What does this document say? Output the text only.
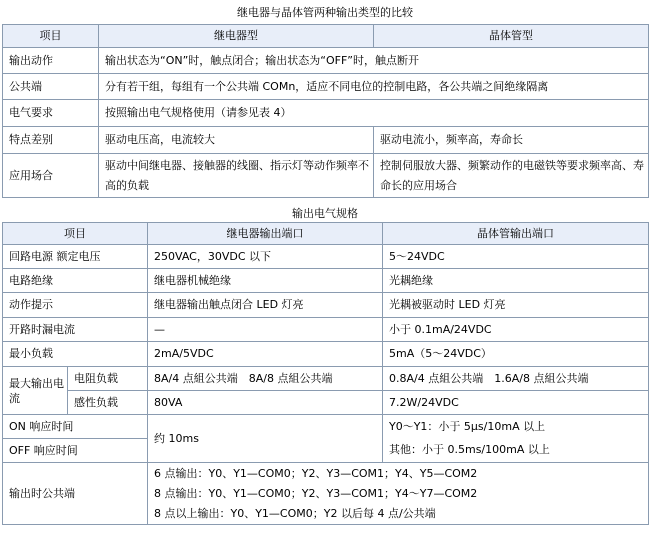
继电器与晶体管两种输出类型的比较
项目	继电器型	晶体管型
输出动作	输出状态为“ON”时，触点闭合；输出状态为“OFF”时，触点断开	
公共端	分有若干组，每组有一个公共端 COMn，适应不同电位的控制电路，各公共端之间绝缘隔离	
电气要求	按照输出电气规格使用（请参见表 4）	
特点差别	驱动电压高，电流较大	驱动电流小，频率高，寿命长
应用场合	驱动中间继电器、接触器的线圈、指示灯等动作频率不高的负载	控制伺服放大器、频繁动作的电磁铁等要求频率高、寿命长的应用场合
输出电气规格
项目		继电器输出端口	晶体管输出端口
回路电源 额定电压		250VAC，30VDC 以下	5～24VDC
电路绝缘		继电器机械绝缘	光耦绝缘
动作提示		继电器输出触点闭合 LED 灯亮	光耦被驱动时 LED 灯亮
开路时漏电流		—	小于 0.1mA/24VDC
最小负载		2mA/5VDC	5mA（5～24VDC）
最大输出电流	电阻负载	8A/4 点組公共端　8A/8 点組公共端	0.8A/4 点組公共端　1.6A/8 点組公共端
	感性负载	80VA	7.2W/24VDC
ON 响应时间		约 10ms	Y0～Y1：小于 5μs/10mA 以上
OFF 响应时间			其他：小于 0.5ms/100mA 以上
输出时公共端		6 点输出：Y0、Y1—COM0；Y2、Y3—COM1；Y4、Y5—COM2
8 点输出：Y0、Y1—COM0；Y2、Y3—COM1；Y4～Y7—COM2
8 点以上输出：Y0、Y1—COM0；Y2 以后每 4 点/公共端	
